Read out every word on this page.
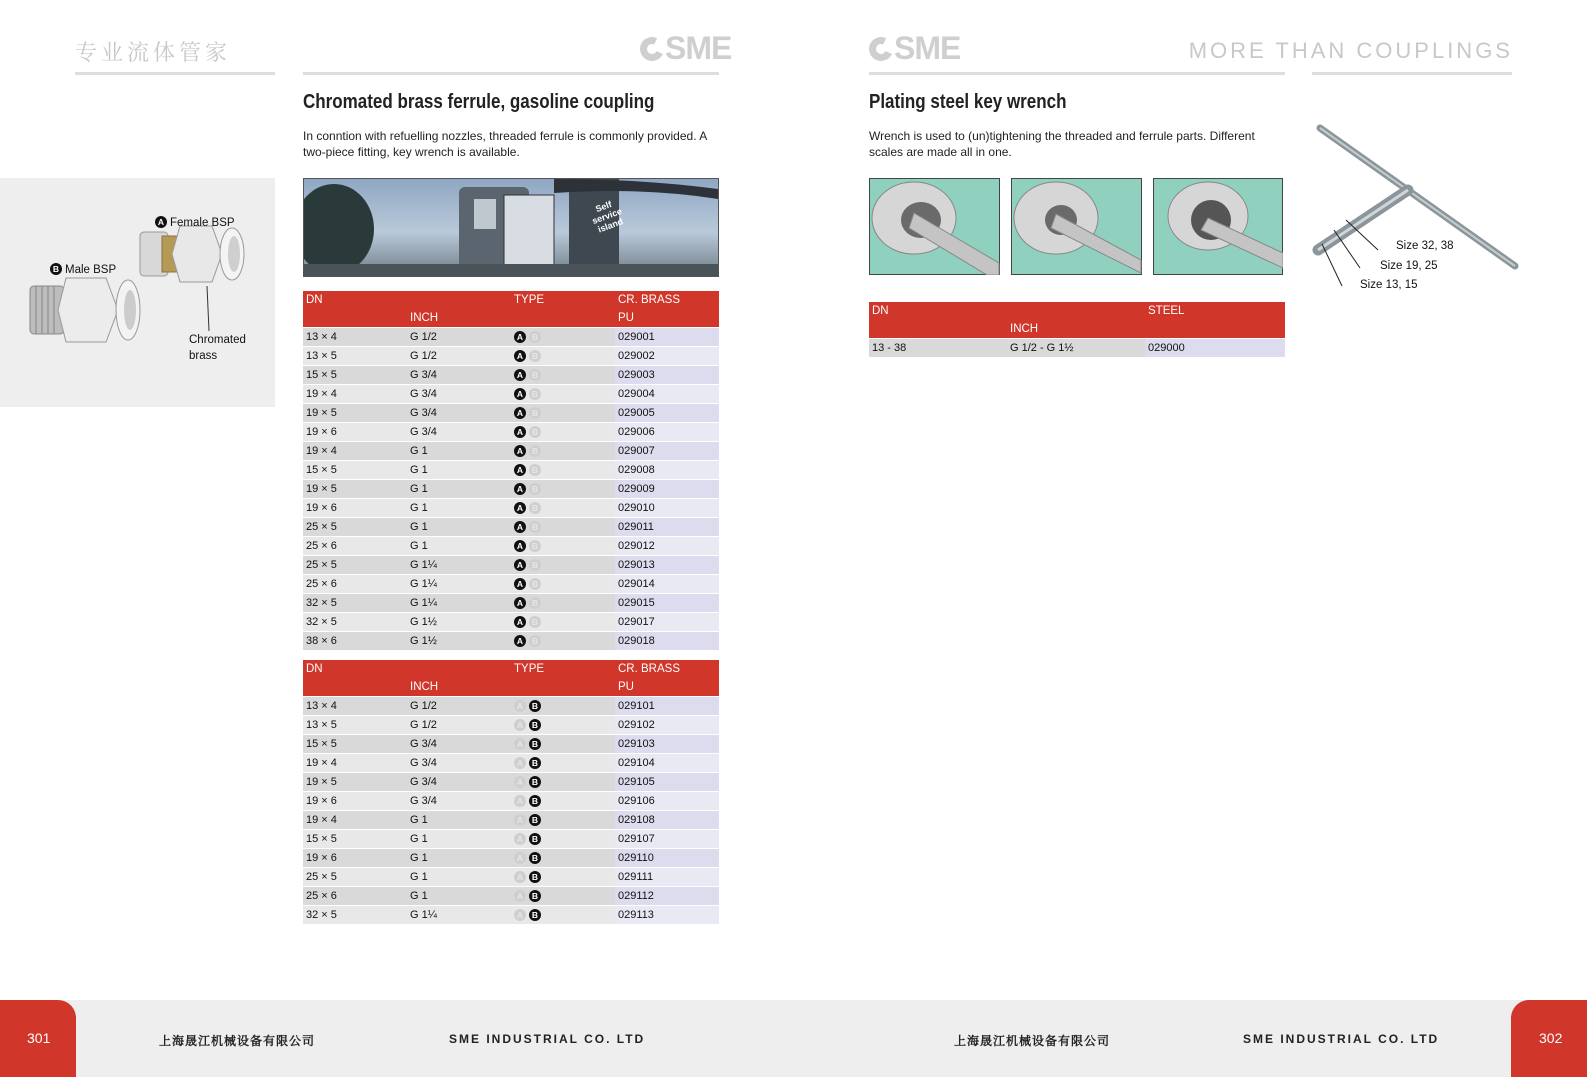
专业流体管家	SME	SME	MORE THAN COUPLINGS
A Female BSP
B Male BSP
Chromated
brass
Chromated brass ferrule, gasoline coupling
In conntion with refuelling nozzles, threaded ferrule is commonly provided. A two-piece fitting, key wrench is available.
Self service island
DN		TYPE	CR. BRASS
	INCH		PU
13 × 4	G 1/2	A B	029001
13 × 5	G 1/2	A B	029002
15 × 5	G 3/4	A B	029003
19 × 4	G 3/4	A B	029004
19 × 5	G 3/4	A B	029005
19 × 6	G 3/4	A B	029006
19 × 4	G 1	A B	029007
15 × 5	G 1	A B	029008
19 × 5	G 1	A B	029009
19 × 6	G 1	A B	029010
25 × 5	G 1	A B	029011
25 × 6	G 1	A B	029012
25 × 5	G 1¼	A B	029013
25 × 6	G 1¼	A B	029014
32 × 5	G 1¼	A B	029015
32 × 5	G 1½	A B	029017
38 × 6	G 1½	A B	029018
DN		TYPE	CR. BRASS
	INCH		PU
13 × 4	G 1/2	A B	029101
13 × 5	G 1/2	A B	029102
15 × 5	G 3/4	A B	029103
19 × 4	G 3/4	A B	029104
19 × 5	G 3/4	A B	029105
19 × 6	G 3/4	A B	029106
19 × 4	G 1	A B	029108
15 × 5	G 1	A B	029107
19 × 6	G 1	A B	029110
25 × 5	G 1	A B	029111
25 × 6	G 1	A B	029112
32 × 5	G 1¼	A B	029113
Plating steel key wrench
Wrench is used to (un)tightening the threaded and ferrule parts. Different scales are made all in one.
DN		STEEL
	INCH	
13 - 38	G 1/2 - G 1½	029000
Size 32, 38
Size 19, 25
Size 13, 15
301	上海晟江机械设备有限公司	SME INDUSTRIAL CO. LTD	上海晟江机械设备有限公司	SME INDUSTRIAL CO. LTD	302
